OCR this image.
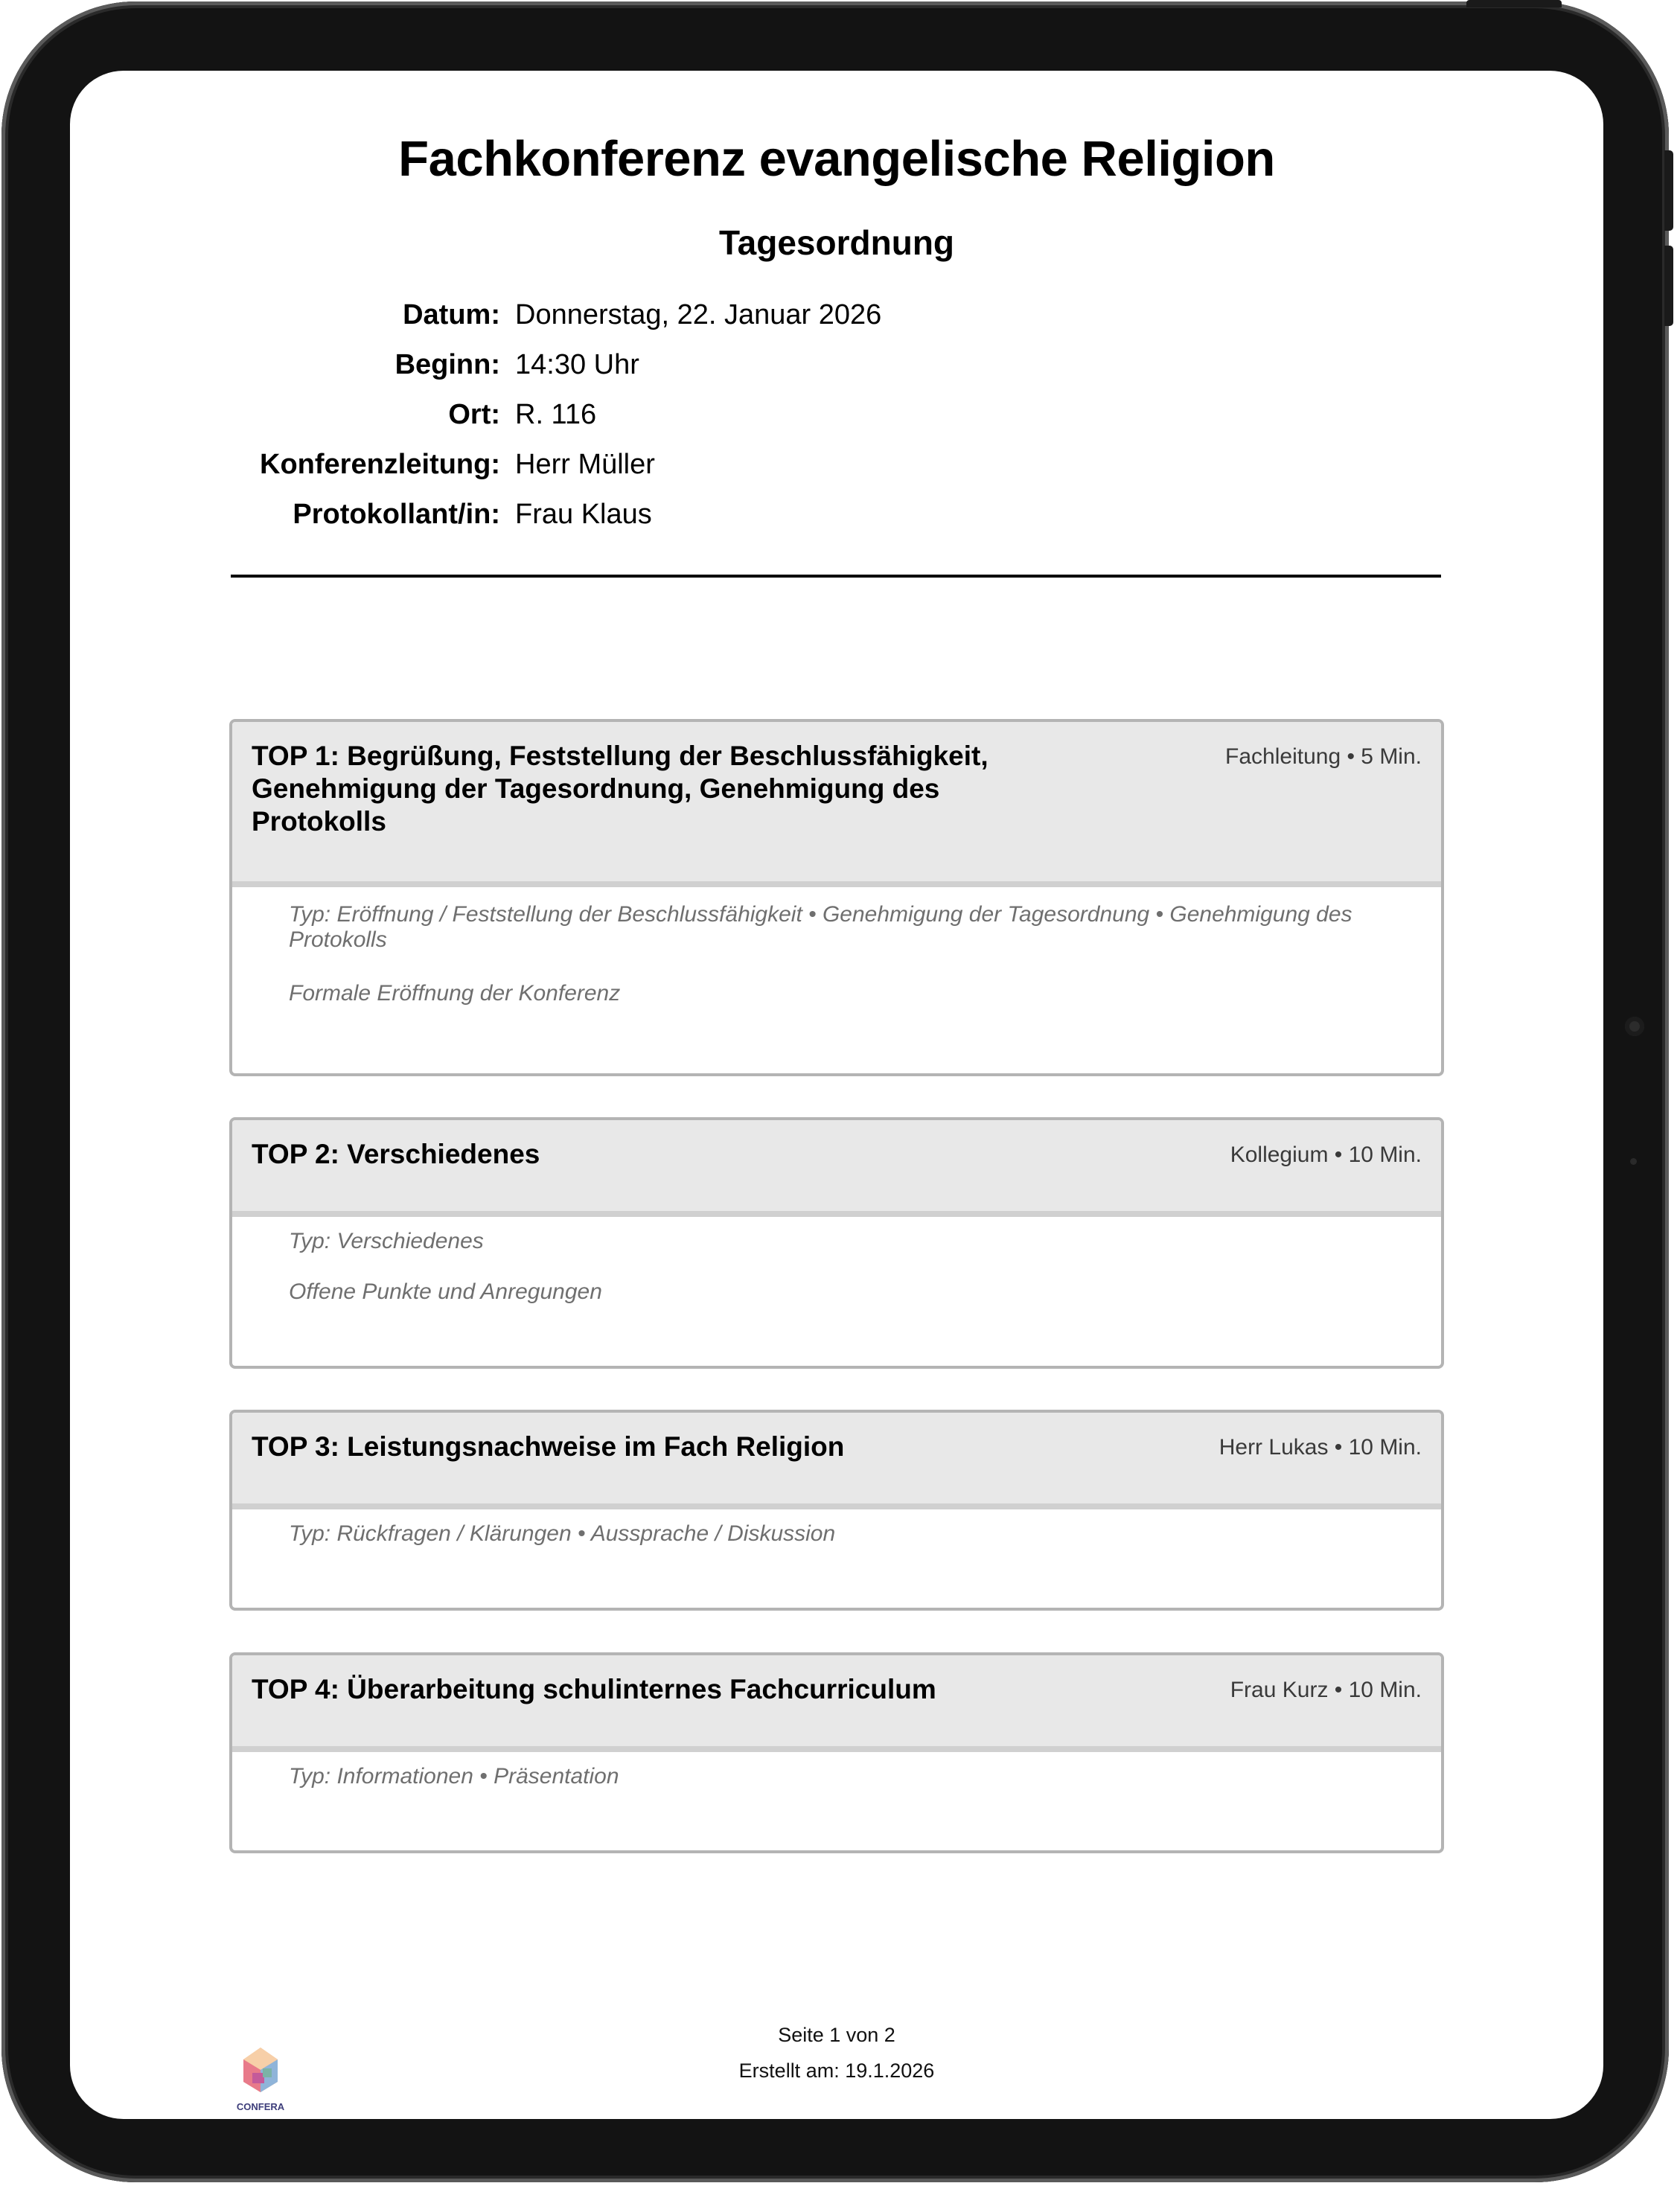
Fachkonferenz evangelische Religion
Tagesordnung
Datum: Donnerstag, 22. Januar 2026
Beginn: 14:30 Uhr
Ort: R. 116
Konferenzleitung: Herr Müller
Protokollant/in: Frau Klaus
TOP 1: Begrüßung, Feststellung der Beschlussfähigkeit, Genehmigung der Tagesordnung, Genehmigung des Protokolls
Fachleitung • 5 Min.
Typ: Eröffnung / Feststellung der Beschlussfähigkeit • Genehmigung der Tagesordnung • Genehmigung des Protokolls
Formale Eröffnung der Konferenz
TOP 2: Verschiedenes	Kollegium • 10 Min.
Typ: Verschiedenes
Offene Punkte und Anregungen
TOP 3: Leistungsnachweise im Fach Religion	Herr Lukas • 10 Min.
Typ: Rückfragen / Klärungen • Aussprache / Diskussion
TOP 4: Überarbeitung schulinternes Fachcurriculum	Frau Kurz • 10 Min.
Typ: Informationen • Präsentation
CONFERA
Seite 1 von 2
Erstellt am: 19.1.2026
